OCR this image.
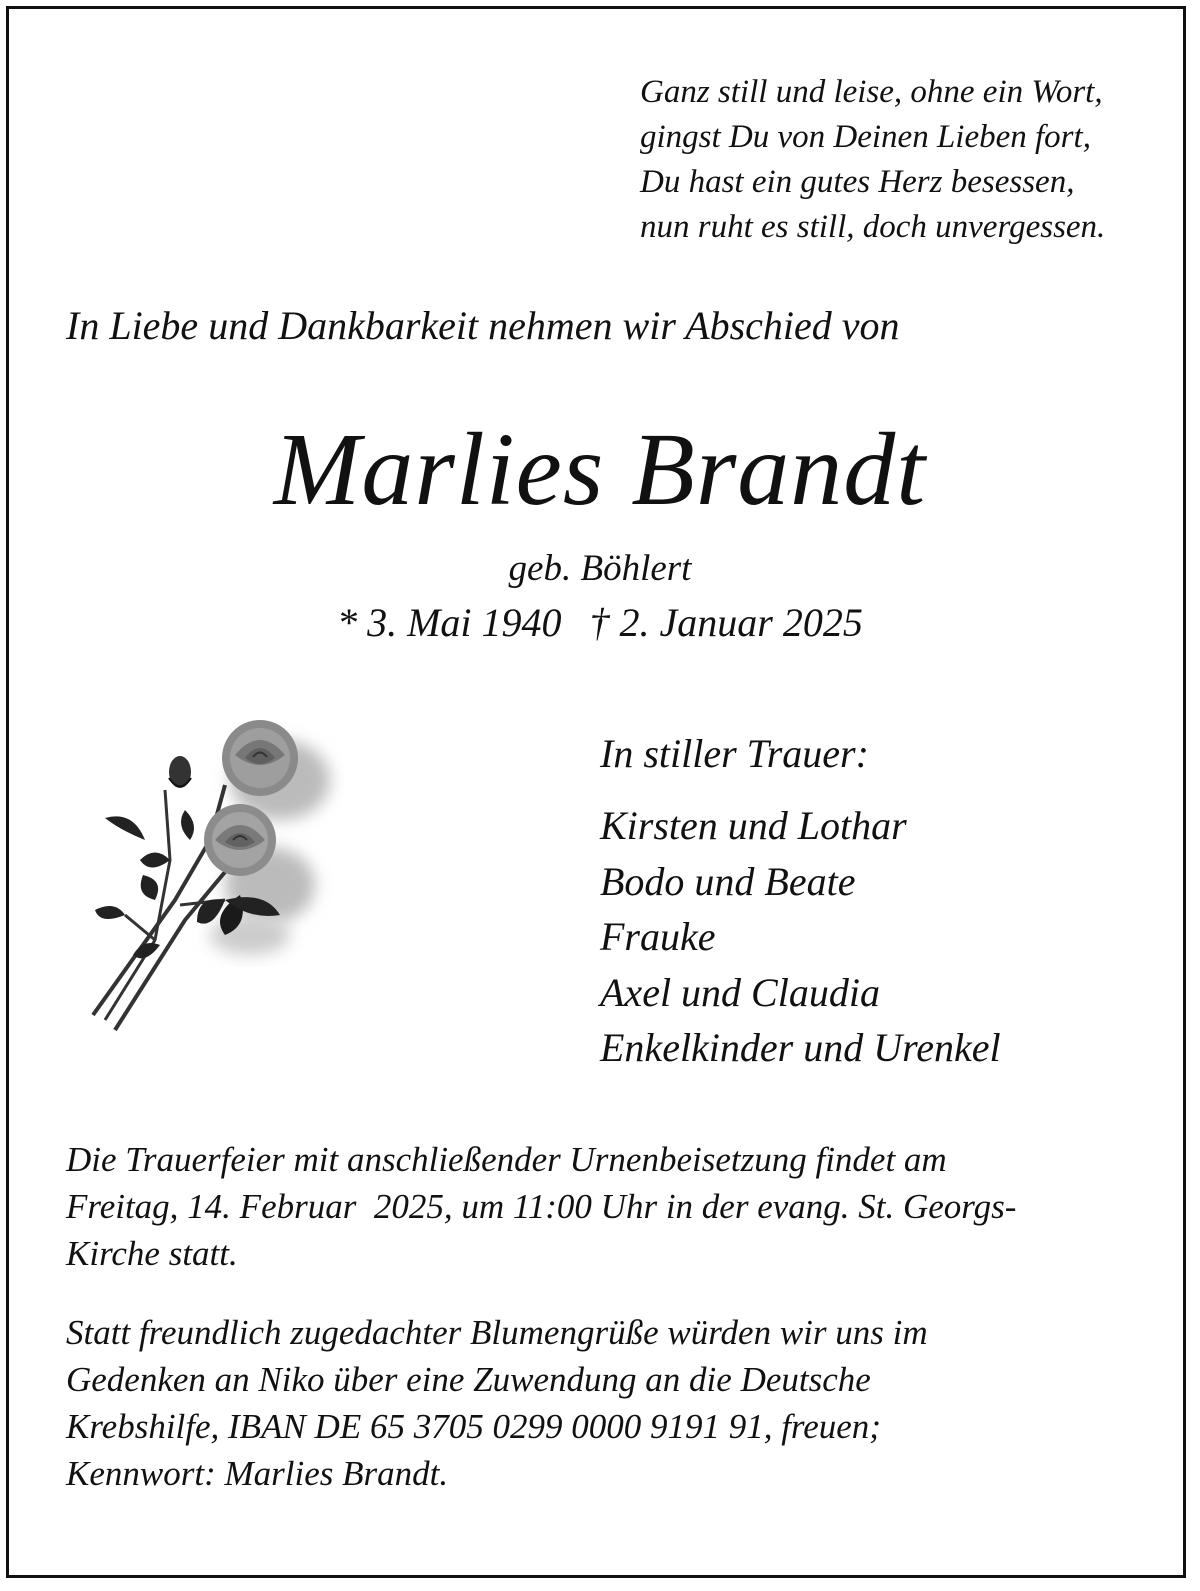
Ganz still und leise, ohne ein Wort,
gingst Du von Deinen Lieben fort,
Du hast ein gutes Herz besessen,
nun ruht es still, doch unvergessen.
In Liebe und Dankbarkeit nehmen wir Abschied von
Marlies Brandt
geb. Böhlert
* 3. Mai 1940 † 2. Januar 2025
In stiller Trauer:
Kirsten und Lothar
Bodo und Beate
Frauke
Axel und Claudia
Enkelkinder und Urenkel
Die Trauerfeier mit anschließender Urnenbeisetzung findet am
Freitag, 14. Februar  2025, um 11:00 Uhr in der evang. St. Georgs-
Kirche statt.
Statt freundlich zugedachter Blumengrüße würden wir uns im
Gedenken an Niko über eine Zuwendung an die Deutsche
Krebshilfe, IBAN DE 65 3705 0299 0000 9191 91, freuen;
Kennwort: Marlies Brandt.
